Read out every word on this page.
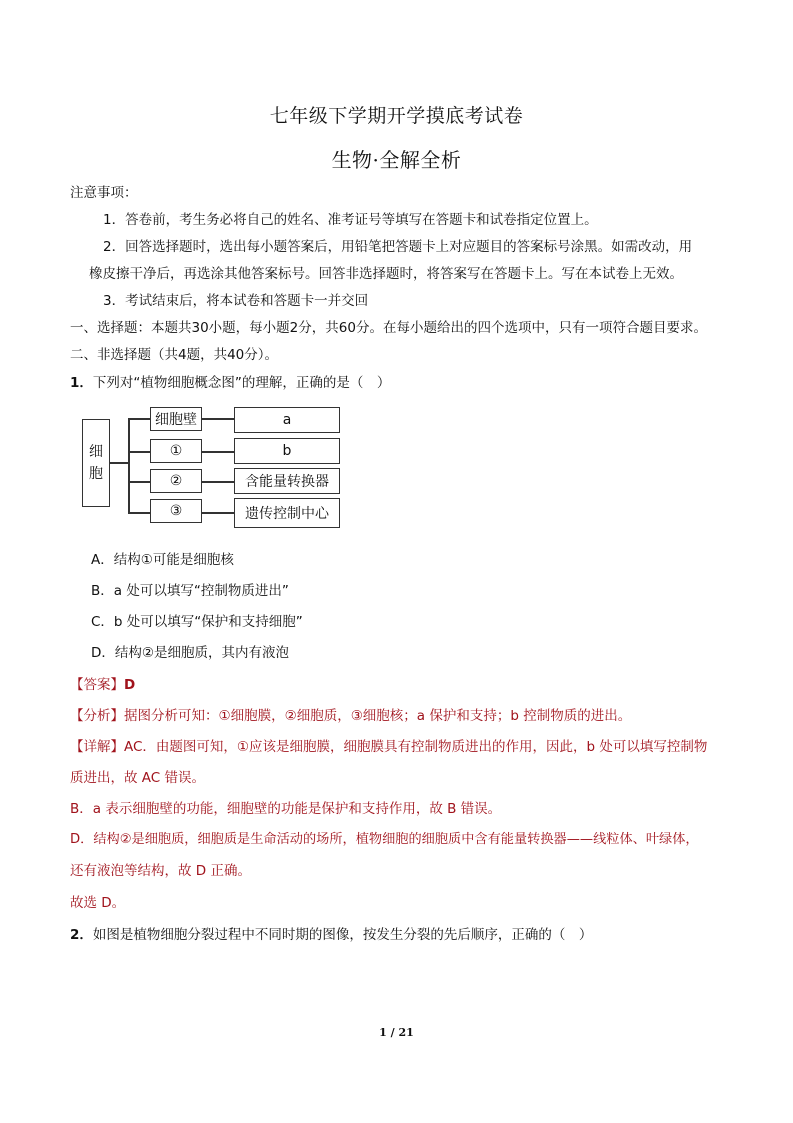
七年级下学期开学摸底考试卷
生物·全解全析
注意事项：
1．答卷前，考生务必将自己的姓名、准考证号等填写在答题卡和试卷指定位置上。
2．回答选择题时，选出每小题答案后，用铅笔把答题卡上对应题目的答案标号涂黑。如需改动，用
橡皮擦干净后，再选涂其他答案标号。回答非选择题时，将答案写在答题卡上。写在本试卷上无效。
3．考试结束后，将本试卷和答题卡一并交回
一、选择题：本题共30小题，每小题2分，共60分。在每小题给出的四个选项中，只有一项符合题目要求。
二、非选择题（共4题，共40分）。
1．下列对“植物细胞概念图”的理解，正确的是（　）
细
胞
细胞壁
①
②
③
a
b
含能量转换器
遗传控制中心
A．结构①可能是细胞核
B．a 处可以填写“控制物质进出”
C．b 处可以填写“保护和支持细胞”
D．结构②是细胞质，其内有液泡
【答案】D
【分析】据图分析可知：①细胞膜，②细胞质，③细胞核；a 保护和支持；b 控制物质的进出。
【详解】AC．由题图可知，①应该是细胞膜，细胞膜具有控制物质进出的作用，因此，b 处可以填写控制物
质进出，故 AC 错误。
B．a 表示细胞壁的功能，细胞壁的功能是保护和支持作用，故 B 错误。
D．结构②是细胞质，细胞质是生命活动的场所，植物细胞的细胞质中含有能量转换器——线粒体、叶绿体，
还有液泡等结构，故 D 正确。
故选 D。
2．如图是植物细胞分裂过程中不同时期的图像，按发生分裂的先后顺序，正确的（　）
1 / 21
